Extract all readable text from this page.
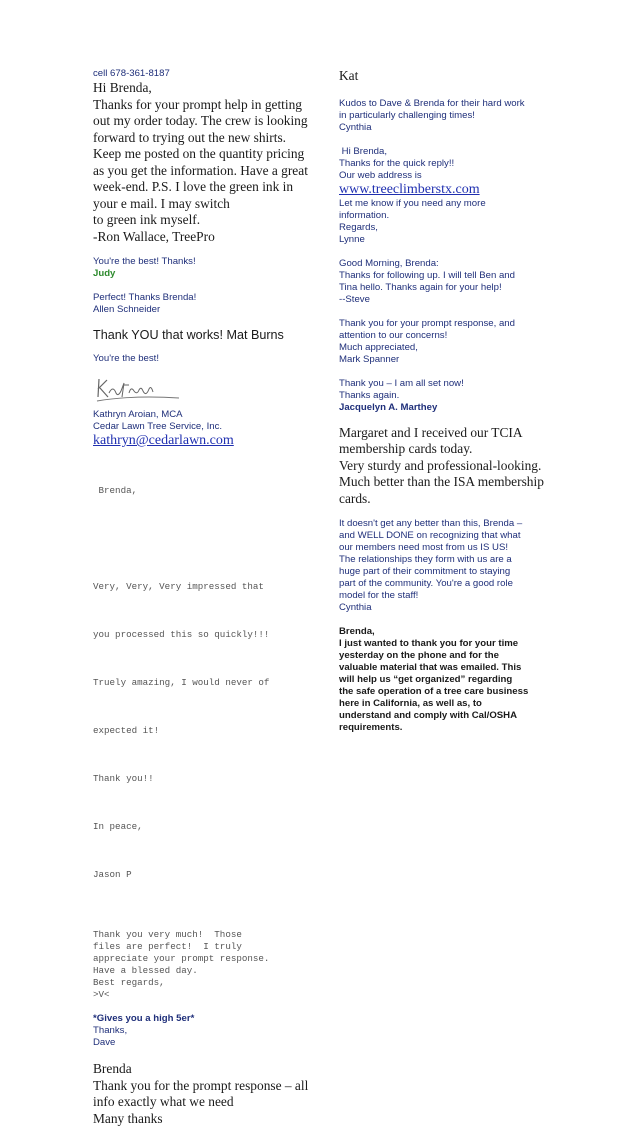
cell 678-361-8187
Hi Brenda,
Thanks for your prompt help in getting
out my order today. The crew is looking
forward to trying out the new shirts.
Keep me posted on the quantity pricing
as you get the information. Have a great
week-end. P.S. I love the green ink in
your e mail. I may switch
to green ink myself.
-Ron Wallace, TreePro
You're the best! Thanks!
Judy
Perfect! Thanks Brenda!
Allen Schneider
Thank YOU that works! Mat Burns
You're the best!
Kathryn Aroian, MCA
Cedar Lawn Tree Service, Inc.
kathryn@cedarlawn.com

Brenda,

Very, Very, Very impressed that

you processed this so quickly!!!

Truely amazing, I would never of

expected it!

Thank you!!

In peace,

Jason P

Thank you very much!  Those
files are perfect!  I truly
appreciate your prompt response.
Have a blessed day.
Best regards,
>V<
*Gives you a high 5er*
Thanks,
Dave
Brenda
Thank you for the prompt response – all
info exactly what we need
Many thanks
Kat
Kudos to Dave & Brenda for their hard work
in particularly challenging times!
Cynthia
Hi Brenda,
Thanks for the quick reply!!
Our web address is
www.treeclimberstx.com
Let me know if you need any more
information.
Regards,
Lynne
Good Morning, Brenda:
Thanks for following up. I will tell Ben and
Tina hello. Thanks again for your help!
--Steve
Thank you for your prompt response, and
attention to our concerns!
Much appreciated,
Mark Spanner
Thank you – I am all set now!
Thanks again.
Jacquelyn A. Marthey
Margaret and I received our TCIA
membership cards today.
Very sturdy and professional-looking.
Much better than the ISA membership
cards.
It doesn't get any better than this, Brenda –
and WELL DONE on recognizing that what
our members need most from us IS US!
The relationships they form with us are a
huge part of their commitment to staying
part of the community. You're a good role
model for the staff!
Cynthia
Brenda,
I just wanted to thank you for your time
yesterday on the phone and for the
valuable material that was emailed. This
will help us “get organized” regarding
the safe operation of a tree care business
here in California, as well as, to
understand and comply with Cal/OSHA
requirements.
